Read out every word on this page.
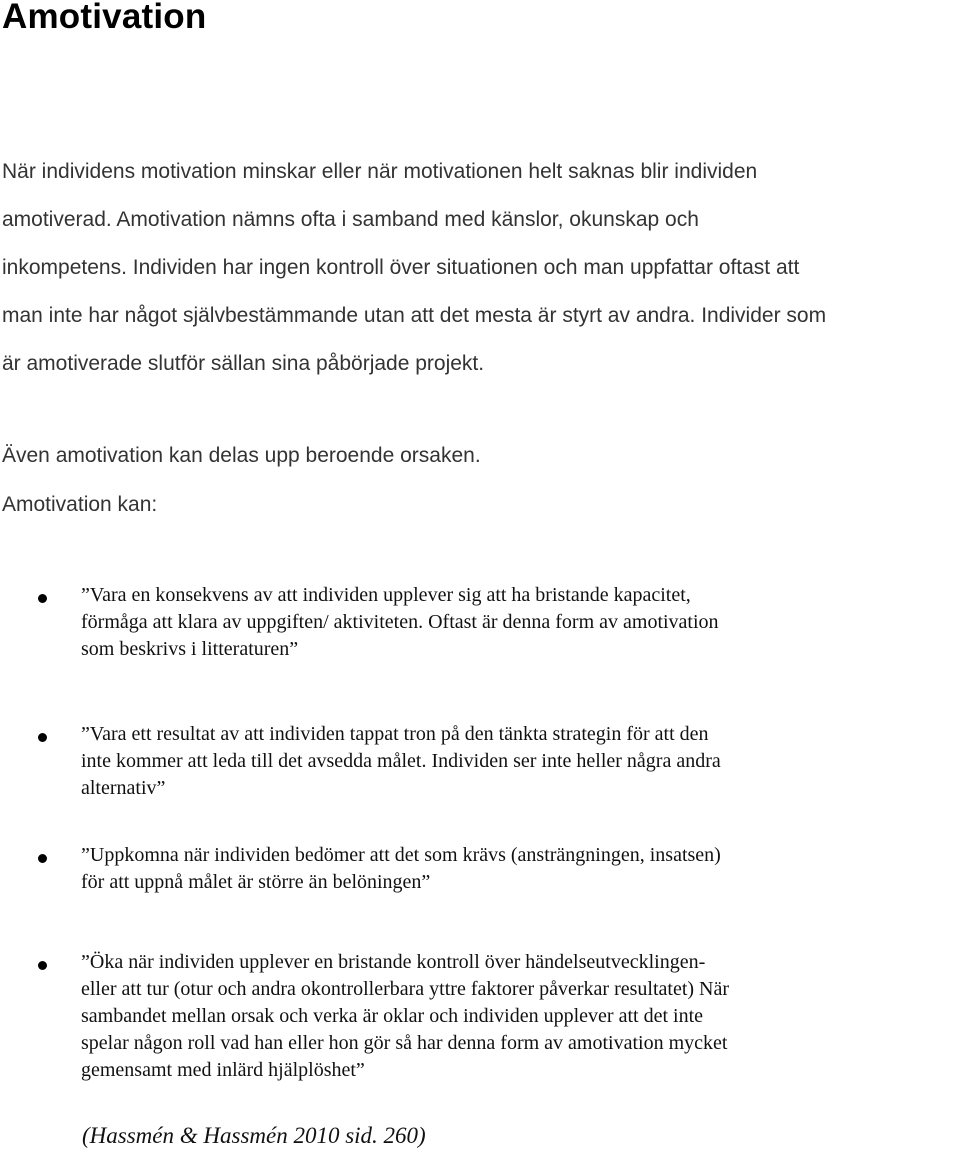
Amotivation

När individens motivation minskar eller när motivationen helt saknas blir individen
amotiverad. Amotivation nämns ofta i samband med känslor, okunskap och
inkompetens. Individen har ingen kontroll över situationen och man uppfattar oftast att
man inte har något självbestämmande utan att det mesta är styrt av andra. Individer som
är amotiverade slutför sällan sina påbörjade projekt.

Även amotivation kan delas upp beroende orsaken.

Amotivation kan:

”Vara en konsekvens av att individen upplever sig att ha bristande kapacitet,
förmåga att klara av uppgiften/ aktiviteten. Oftast är denna form av amotivation
som beskrivs i litteraturen”

”Vara ett resultat av att individen tappat tron på den tänkta strategin för att den
inte kommer att leda till det avsedda målet. Individen ser inte heller några andra
alternativ”

”Uppkomna när individen bedömer att det som krävs (ansträngningen, insatsen)
för att uppnå målet är större än belöningen”

”Öka när individen upplever en bristande kontroll över händelseutvecklingen-
eller att tur (otur och andra okontrollerbara yttre faktorer påverkar resultatet) När
sambandet mellan orsak och verka är oklar och individen upplever att det inte
spelar någon roll vad han eller hon gör så har denna form av amotivation mycket
gemensamt med inlärd hjälplöshet”

(Hassmén & Hassmén 2010 sid. 260)
